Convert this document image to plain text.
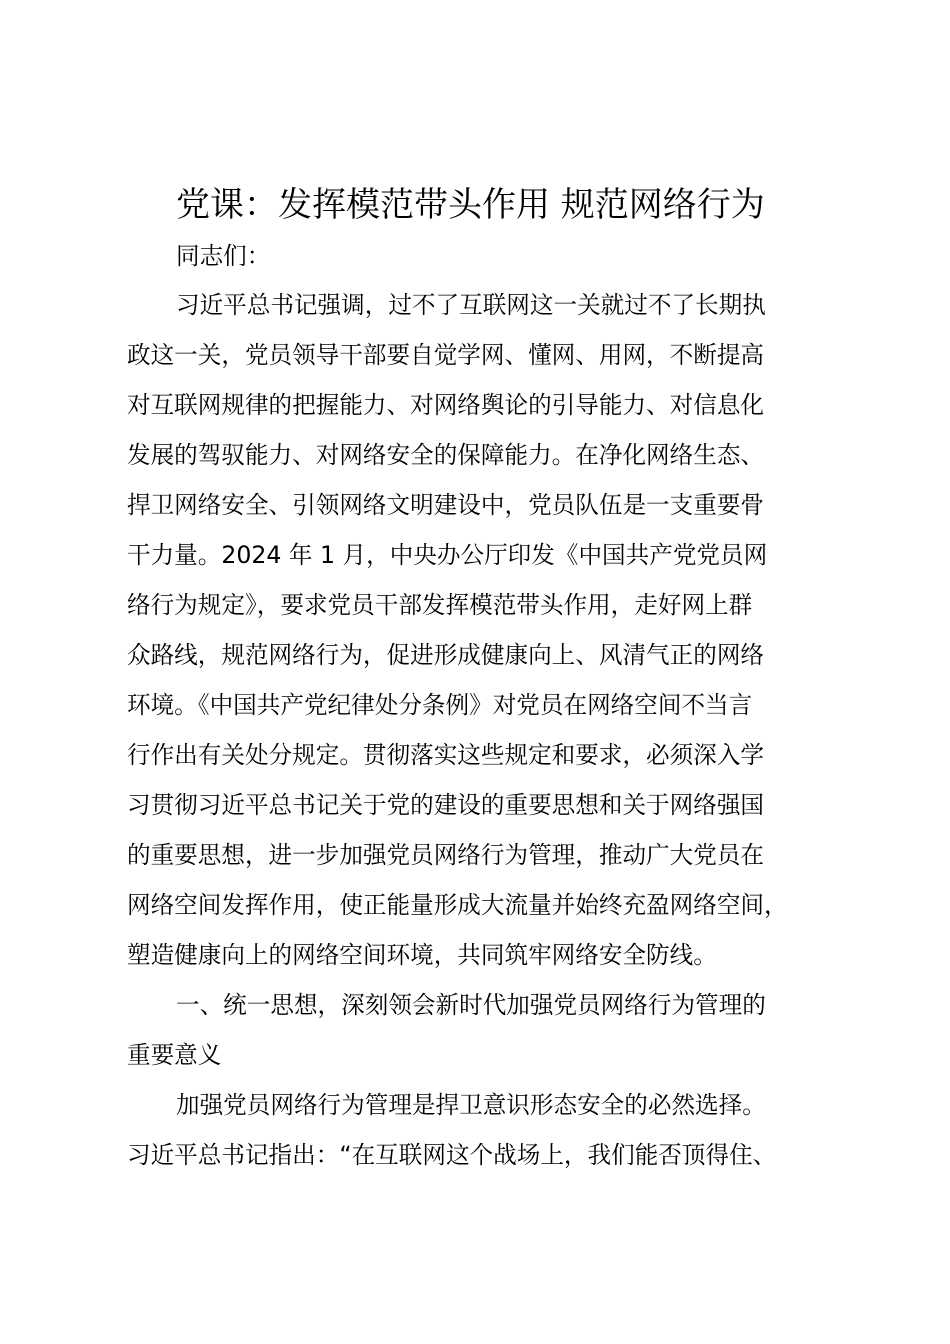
党课：发挥模范带头作用 规范网络行为

同志们：

习近平总书记强调，过不了互联网这一关就过不了长期执

政这一关，党员领导干部要自觉学网、懂网、用网，不断提高

对互联网规律的把握能力、对网络舆论的引导能力、对信息化

发展的驾驭能力、对网络安全的保障能力。在净化网络生态、

捍卫网络安全、引领网络文明建设中，党员队伍是一支重要骨

干力量。2024 年 1 月，中央办公厅印发《中国共产党党员网

络行为规定》，要求党员干部发挥模范带头作用，走好网上群

众路线，规范网络行为，促进形成健康向上、风清气正的网络

环境。《中国共产党纪律处分条例》对党员在网络空间不当言

行作出有关处分规定。贯彻落实这些规定和要求，必须深入学

习贯彻习近平总书记关于党的建设的重要思想和关于网络强国

的重要思想，进一步加强党员网络行为管理，推动广大党员在

网络空间发挥作用，使正能量形成大流量并始终充盈网络空间，

塑造健康向上的网络空间环境，共同筑牢网络安全防线。

一、统一思想，深刻领会新时代加强党员网络行为管理的

重要意义

加强党员网络行为管理是捍卫意识形态安全的必然选择。

习近平总书记指出：“在互联网这个战场上，我们能否顶得住、
